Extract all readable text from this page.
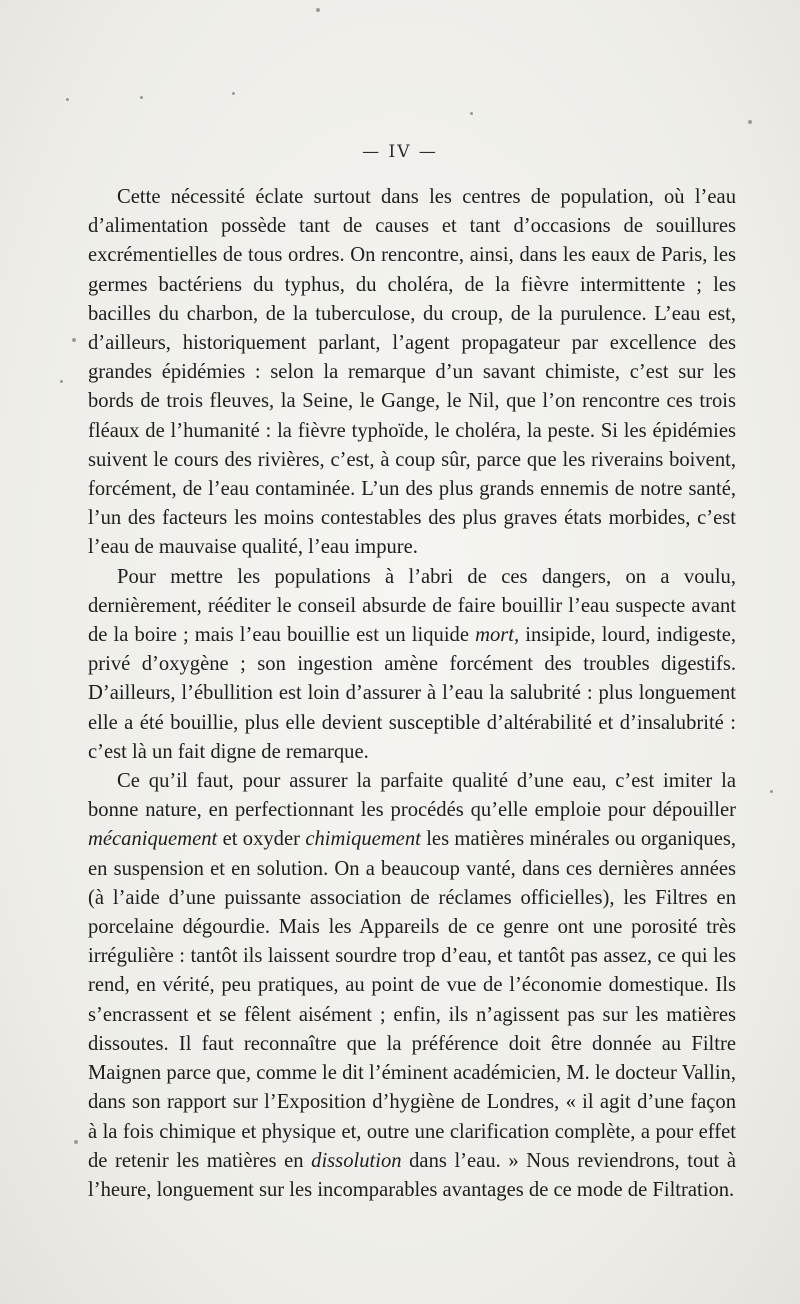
— IV —

Cette nécessité éclate surtout dans les centres de population, où l’eau d’alimentation possède tant de causes et tant d’occasions de souillures excrémentielles de tous ordres. On rencontre, ainsi, dans les eaux de Paris, les germes bactériens du typhus, du choléra, de la fièvre intermittente ; les bacilles du charbon, de la tuberculose, du croup, de la purulence. L’eau est, d’ailleurs, historiquement parlant, l’agent propagateur par excellence des grandes épidémies : selon la remarque d’un savant chimiste, c’est sur les bords de trois fleuves, la Seine, le Gange, le Nil, que l’on rencontre ces trois fléaux de l’humanité : la fièvre typhoïde, le choléra, la peste. Si les épidémies suivent le cours des rivières, c’est, à coup sûr, parce que les riverains boivent, forcément, de l’eau contaminée. L’un des plus grands ennemis de notre santé, l’un des facteurs les moins contestables des plus graves états morbides, c’est l’eau de mauvaise qualité, l’eau impure.

Pour mettre les populations à l’abri de ces dangers, on a voulu, dernièrement, rééditer le conseil absurde de faire bouillir l’eau suspecte avant de la boire ; mais l’eau bouillie est un liquide mort, insipide, lourd, indigeste, privé d’oxygène ; son ingestion amène forcément des troubles digestifs. D’ailleurs, l’ébullition est loin d’assurer à l’eau la salubrité : plus longuement elle a été bouillie, plus elle devient susceptible d’altérabilité et d’insalubrité : c’est là un fait digne de remarque.

Ce qu’il faut, pour assurer la parfaite qualité d’une eau, c’est imiter la bonne nature, en perfectionnant les procédés qu’elle emploie pour dépouiller mécaniquement et oxyder chimiquement les matières minérales ou organiques, en suspension et en solution. On a beaucoup vanté, dans ces dernières années (à l’aide d’une puissante association de réclames officielles), les Filtres en porcelaine dégourdie. Mais les Appareils de ce genre ont une porosité très irrégulière : tantôt ils laissent sourdre trop d’eau, et tantôt pas assez, ce qui les rend, en vérité, peu pratiques, au point de vue de l’économie domestique. Ils s’encrassent et se fêlent aisément ; enfin, ils n’agissent pas sur les matières dissoutes. Il faut reconnaître que la préférence doit être donnée au Filtre Maignen parce que, comme le dit l’éminent académicien, M. le docteur Vallin, dans son rapport sur l’Exposition d’hygiène de Londres, « il agit d’une façon à la fois chimique et physique et, outre une clarification complète, a pour effet de retenir les matières en dissolution dans l’eau. » Nous reviendrons, tout à l’heure, longuement sur les incomparables avantages de ce mode de Filtration.
